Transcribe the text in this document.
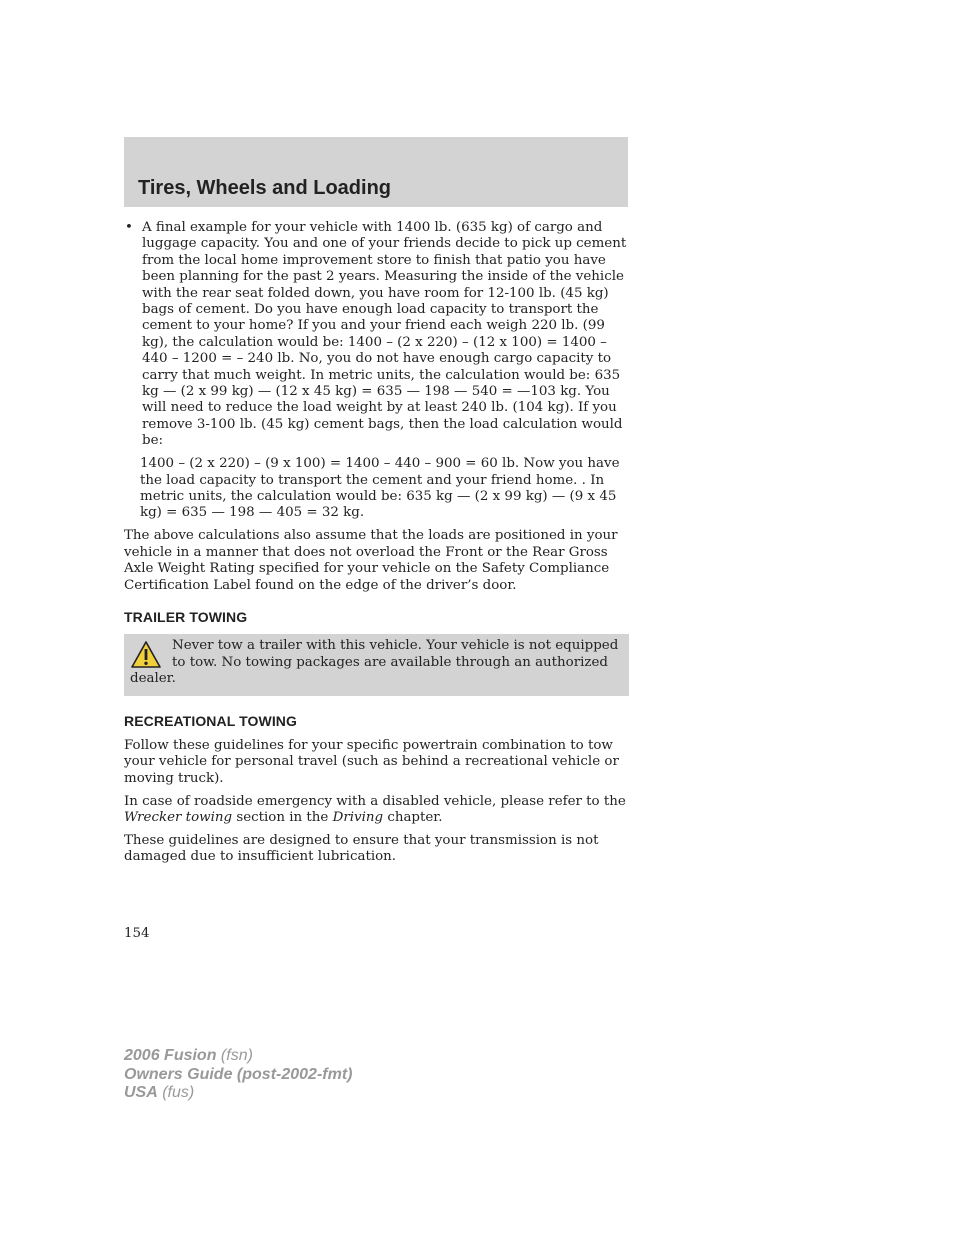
Tires, Wheels and Loading
• A final example for your vehicle with 1400 lb. (635 kg) of cargo and luggage capacity. You and one of your friends decide to pick up cement from the local home improvement store to finish that patio you have been planning for the past 2 years. Measuring the inside of the vehicle with the rear seat folded down, you have room for 12-100 lb. (45 kg) bags of cement. Do you have enough load capacity to transport the cement to your home? If you and your friend each weigh 220 lb. (99 kg), the calculation would be: 1400 – (2 x 220) – (12 x 100) = 1400 – 440 – 1200 = – 240 lb. No, you do not have enough cargo capacity to carry that much weight. In metric units, the calculation would be: 635 kg — (2 x 99 kg) — (12 x 45 kg) = 635 — 198 — 540 = —103 kg. You will need to reduce the load weight by at least 240 lb. (104 kg). If you remove 3-100 lb. (45 kg) cement bags, then the load calculation would be:

1400 – (2 x 220) – (9 x 100) = 1400 – 440 – 900 = 60 lb. Now you have the load capacity to transport the cement and your friend home. . In metric units, the calculation would be: 635 kg — (2 x 99 kg) — (9 x 45 kg) = 635 — 198 — 405 = 32 kg.

The above calculations also assume that the loads are positioned in your vehicle in a manner that does not overload the Front or the Rear Gross Axle Weight Rating specified for your vehicle on the Safety Compliance Certification Label found on the edge of the driver’s door.

TRAILER TOWING
Never tow a trailer with this vehicle. Your vehicle is not equipped to tow. No towing packages are available through an authorized dealer.
RECREATIONAL TOWING

Follow these guidelines for your specific powertrain combination to tow your vehicle for personal travel (such as behind a recreational vehicle or moving truck).

In case of roadside emergency with a disabled vehicle, please refer to the Wrecker towing section in the Driving chapter.

These guidelines are designed to ensure that your transmission is not damaged due to insufficient lubrication.

154
2006 Fusion (fsn)
Owners Guide (post-2002-fmt)
USA (fus)
